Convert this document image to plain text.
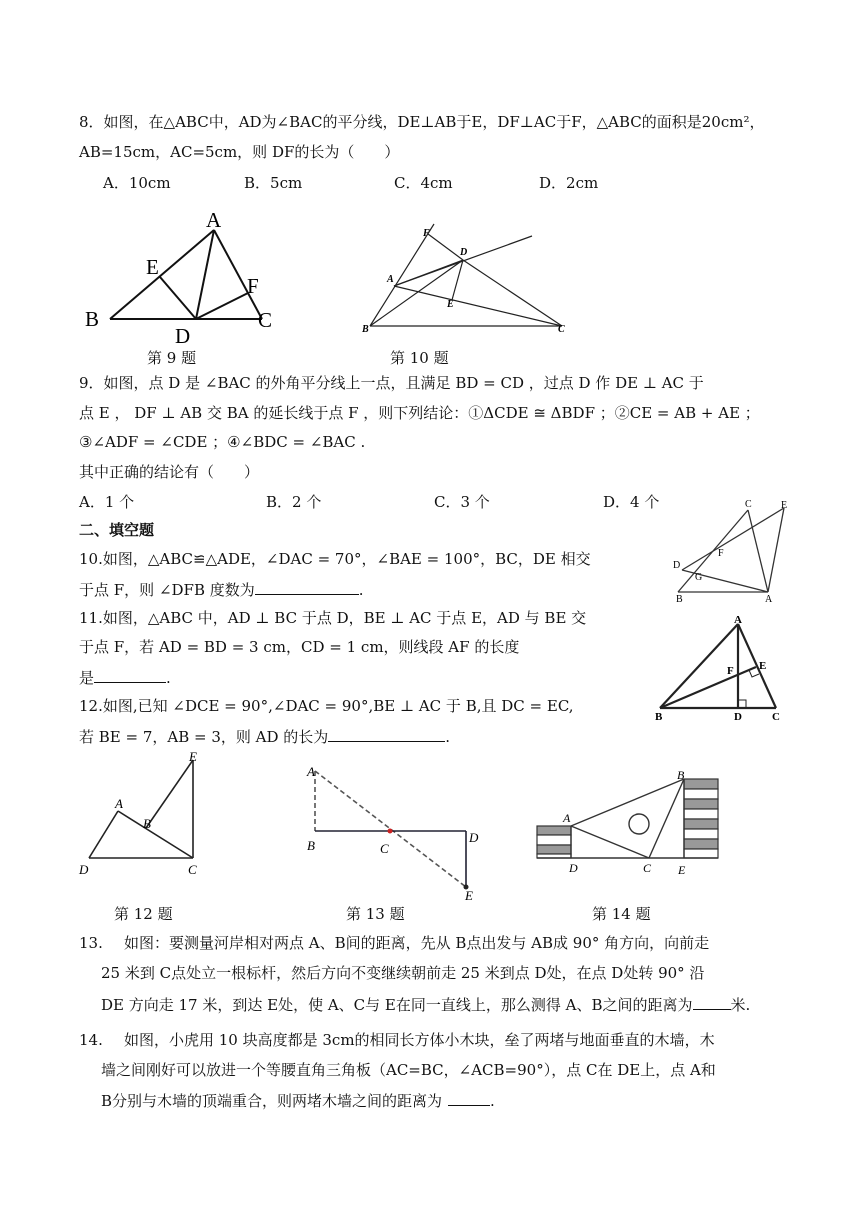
8．如图，在△ABC中，AD为∠BAC的平分线，DE⊥AB于E，DF⊥AC于F，△ABC的面积是20cm²，
AB=15cm，AC=5cm，则 DF的长为（　　）
A．10cm	B．5cm	C．4cm	D．2cm
A
B	C
D
E
F
第 9 题
F
D
A
E
B	C
第 10 题
9．如图，点 D 是 ∠BAC 的外角平分线上一点，且满足 BD = CD ，过点 D 作 DE ⊥ AC 于
点 E ， DF ⊥ AB 交 BA 的延长线于点 F ，则下列结论：①ΔCDE ≅ ΔBDF ；②CE = AB + AE ；
③∠ADF = ∠CDE ；④∠BDC = ∠BAC .
其中正确的结论有（　　）
A．1 个	B．2 个	C．3 个	D．4 个
二、填空题
10.如图，△ABC≌△ADE，∠DAC = 70°，∠BAE = 100°，BC，DE 相交
于点 F，则 ∠DFB 度数为	.
C	E
F
D
G
B	A
11.如图，△ABC 中，AD ⊥ BC 于点 D，BE ⊥ AC 于点 E，AD 与 BE 交
于点 F，若 AD = BD = 3 cm，CD = 1 cm，则线段 AF 的长度
是	.
A
E
F
B	D	C
12.如图,已知 ∠DCE = 90°,∠DAC = 90°,BE ⊥ AC 于 B,且 DC = EC,
若 BE = 7，AB = 3，则 AD 的长为	.
E
A
B
D	C
第 12 题
A
B	C
D
E
第 13 题
A
B
D	C E
第 14 题
13. 如图：要测量河岸相对两点 A、B间的距离，先从 B点出发与 AB成 90° 角方向，向前走
25 米到 C点处立一根标杆，然后方向不变继续朝前走 25 米到点 D处，在点 D处转 90° 沿
DE 方向走 17 米，到达 E处，使 A、C与 E在同一直线上，那么测得 A、B之间的距离为	米.
14. 如图，小虎用 10 块高度都是 3cm的相同长方体小木块，垒了两堵与地面垂直的木墙，木
墙之间刚好可以放进一个等腰直角三角板（AC=BC，∠ACB=90°），点 C在 DE上，点 A和
B分别与木墙的顶端重合，则两堵木墙之间的距离为	.
